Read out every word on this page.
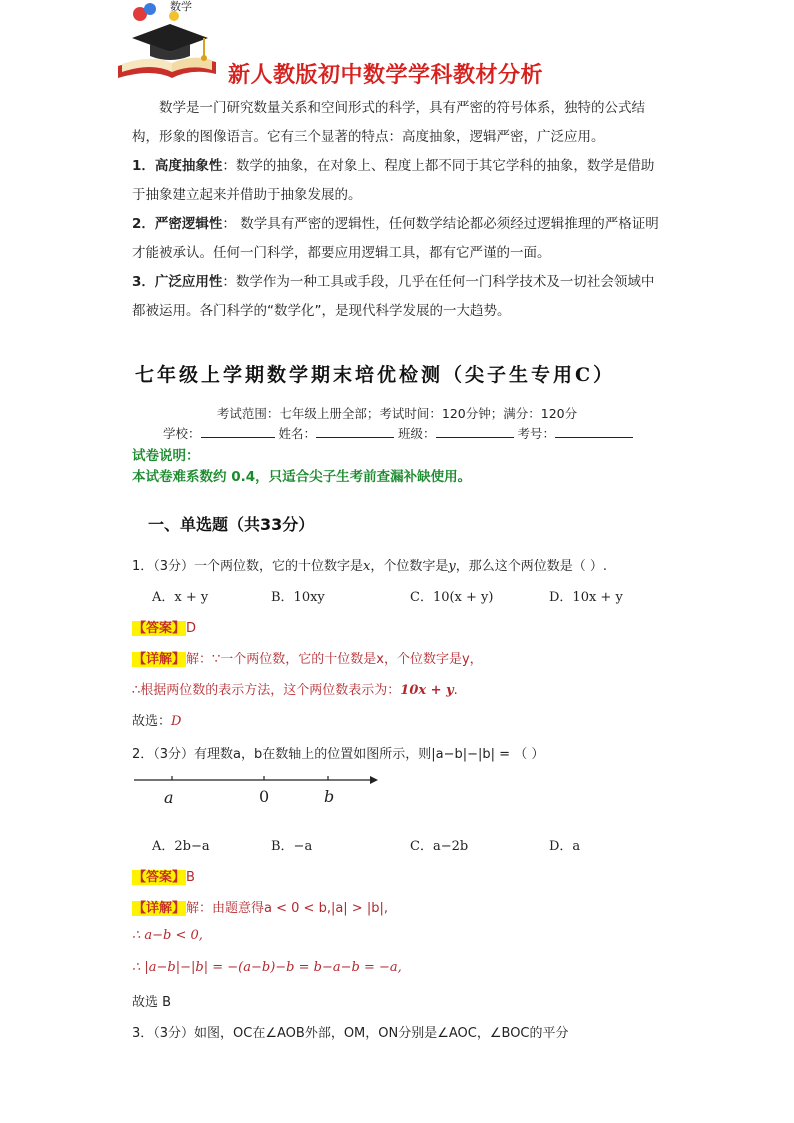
数学
新人教版初中数学学科教材分析
数学是一门研究数量关系和空间形式的科学，具有严密的符号体系，独特的公式结构，形象的图像语言。它有三个显著的特点：高度抽象，逻辑严密，广泛应用。
1．高度抽象性：数学的抽象，在对象上、程度上都不同于其它学科的抽象，数学是借助于抽象建立起来并借助于抽象发展的。
2．严密逻辑性： 数学具有严密的逻辑性，任何数学结论都必须经过逻辑推理的严格证明才能被承认。任何一门科学，都要应用逻辑工具，都有它严谨的一面。
3．广泛应用性：数学作为一种工具或手段，几乎在任何一门科学技术及一切社会领域中都被运用。各门科学的“数学化”，是现代科学发展的一大趋势。
七年级上学期数学期末培优检测（尖子生专用C）
考试范围：七年级上册全部；考试时间：120分钟；满分：120分
学校：	姓名：	班级：	考号：
试卷说明：
本试卷难系数约 0.4，只适合尖子生考前查漏补缺使用。
一、单选题（共33分）
1．（3分）一个两位数，它的十位数字是x，个位数字是y，那么这个两位数是（ ）.
A．x + y	B．10xy	C．10(x + y)	D．10x + y
【答案】D
【详解】解：∵一个两位数，它的十位数是x，个位数字是y，
∴根据两位数的表示方法，这个两位数表示为：10x + y.
故选：D
2．（3分）有理数a，b在数轴上的位置如图所示，则|a−b|−|b| = （ ）
a	0	b
A．2b−a	B．−a	C．a−2b	D．a
【答案】B
【详解】解：由题意得a < 0 < b,|a| > |b|,
∴ a−b < 0,
∴ |a−b|−|b| = −(a−b)−b = b−a−b = −a,
故选 B
3．（3分）如图，OC在∠AOB外部，OM，ON分别是∠AOC，∠BOC的平分
